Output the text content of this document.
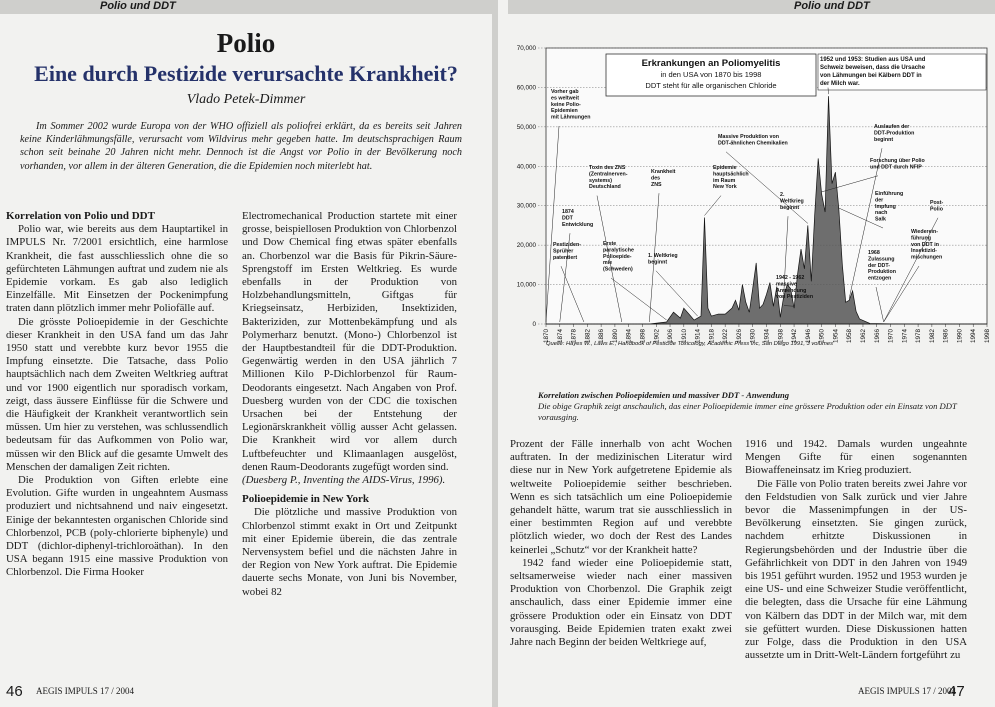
Polio und DDT
Polio
Eine durch Pestizide verursachte Krankheit?
Vlado Petek-Dimmer
Im Sommer 2002 wurde Europa von der WHO offiziell als poliofrei erklärt, da es bereits seit Jahren keine Kinderlähmungsfälle, verursacht vom Wildvirus mehr gegeben hatte. Im deutschsprachigen Raum schon seit beinahe 20 Jahren nicht mehr. Dennoch ist die Angst vor Polio in der Bevölkerung noch vorhanden, vor allem in der älteren Generation, die die Epidemien noch miterlebt hat.
Korrelation von Polio und DDT

Polio war, wie bereits aus dem Hauptartikel in IMPULS Nr. 7/2001 ersichtlich, eine harmlose Krankheit, die fast ausschliesslich ohne die so gefürchteten Lähmungen auftrat und zudem nie als Epidemie vorkam. Es gab also lediglich Einzelfälle. Mit Einsetzen der Pockenimpfung traten dann plötzlich immer mehr Poliofälle auf.

Die grösste Polioepidemie in der Geschichte dieser Krankheit in den USA fand um das Jahr 1950 statt und verebbte kurz bevor 1955 die Impfung einsetzte. Die Tatsache, dass Polio hauptsächlich nach dem Zweiten Weltkrieg auftrat und vor 1900 eigentlich nur sporadisch vorkam, zeigt, dass äussere Einflüsse für die Schwere und die Häufigkeit der Krankheit verantwortlich sein müssen. Um hier zu verstehen, was schlussendlich bedeutsam für das Aufkommen von Polio war, müssen wir den Blick auf die gesamte Umwelt des Menschen der damaligen Zeit richten.

Die Produktion von Giften erlebte eine Evolution. Gifte wurden in ungeahntem Ausmass produziert und nichtsahnend und naiv eingesetzt. Einige der bekanntesten organischen Chloride sind Chlorbenzol, PCB (poly-chlorierte biphenyle) und DDT (dichlor-diphenyl-trichloroäthan). In den USA begann 1915 eine massive Produktion von Chlorbenzol. Die Firma Hooker

Electromechanical Production startete mit einer grosse, beispiellosen Produktion von Chlorbenzol und Dow Chemical fing etwas später ebenfalls an. Chorbenzol war die Basis für Pikrin-Säure-Sprengstoff im Ersten Weltkrieg. Es wurde ebenfalls in der Produktion von Holzbehandlungsmitteln, Giftgas für Kriegseinsatz, Herbiziden, Insektiziden, Bakteriziden, zur Mottenbekämpfung und als Polymerharz benutzt. (Mono-) Chlorbenzol ist der Hauptbestandteil für die DDT-Produktion. Gegenwärtig werden in den USA jährlich 7 Millionen Kilo P-Dichlorbenzol für Raum-Deodorants eingesetzt. Nach Angaben von Prof. Duesberg wurden von der CDC die toxischen Ursachen bei der Entstehung der Legionärskrankheit völlig ausser Acht gelassen. Die Krankheit wird vor allem durch Luftbefeuchter und Klimaanlagen ausgelöst, denen Raum-Deodorants zugefügt worden sind.

(Duesberg P., Inventing the AIDS-Virus, 1996).

Polioepidemie in New York

Die plötzliche und massive Produktion von Chlorbenzol stimmt exakt in Ort und Zeitpunkt mit einer Epidemie überein, die das zentrale Nervensystem befiel und die nächsten Jahre in der Region von New York auftrat. Die Epidemie dauerte sechs Monate, von Juni bis November, wobei 82

46 AEGIS IMPULS 17 / 2004
Polio und DDT
0
10,000
20,000
30,000
40,000
50,000
60,000
70,000
1870 1874 1878 1882 1886 1890 1894 1898 1902 1906 1910 1914 1918 1922 1926 1930 1934 1938 1942 1946 1950 1954 1958 1962 1966 1970 1974 1978 1982 1986 1990 1994 1998
Erkrankungen an Poliomyelitis
in den USA von 1870 bis 1998
DDT steht für alle organischen Chloride
Vorher gab
es weltweit
keine Polio-
Epidemien
mit Lähmungen
1952 und 1953: Studien aus USA und
Schweiz beweisen, dass die Ursache
von Lähmungen bei Kälbern DDT in
der Milch war.
Massive Produktion von
DDT-ähnlichen Chemikalien
Auslaufen der
DDT-Produktion
beginnt
Forschung über Polio
und DDT durch NFIP
Toxin des ZNS
(Zentralnerven-
systems)
Deutschland
Krankheit
des
ZNS
Epidemie
hauptsächlich
im Raum
New York
Einführung
der
Impfung
nach
Salk
Post-
Polio
1874
DDT
Entwicklung
2.
Weltkrieg
beginnt
Wiederein-
führung
von DDT in
Insektizid-
mischungen
Pestiziden-
Sprüher
patentiert
Erste
paralytische
Polioepide-
mie
(Schweden)
1. Weltkrieg
beginnt
1968
Zulassung
der DDT-
Produktion
entzogen
1942 - 1962
massive
Anwendung
von Pestiziden
Quelle: Hayes W., Laws E., Handbook of Pesticide Toxicology, Academic Press Inc, San Diego 1991, 3 volumes
Korrelation zwischen Polioepidemien und massiver DDT - Anwendung
Die obige Graphik zeigt anschaulich, das einer Polioepidemie immer eine grössere Produktion oder ein Einsatz von DDT vorausging.

Prozent der Fälle innerhalb von acht Wochen auftraten. In der medizinischen Literatur wird diese nur in New York aufgetretene Epidemie als weltweite Polioepidemie seither beschrieben. Wenn es sich tatsächlich um eine Polioepidemie gehandelt hätte, warum trat sie ausschliesslich in einer bestimmten Region auf und verebbte plötzlich wieder, wo doch der Rest des Landes keinerlei „Schutz“ vor der Krankheit hatte?

1942 fand wieder eine Polioepidemie statt, seltsamerweise wieder nach einer massiven Produktion von Chorbenzol. Die Graphik zeigt anschaulich, dass einer Epidemie immer eine grössere Produktion oder ein Einsatz von DDT vorausging. Beide Epidemien traten exakt zwei Jahre nach Beginn der beiden Weltkriege auf,

1916 und 1942. Damals wurden ungeahnte Mengen Gifte für einen sogenannten Biowaffeneinsatz im Krieg produziert.

Die Fälle von Polio traten bereits zwei Jahre vor den Feldstudien von Salk zurück und vier Jahre bevor die Massenimpfungen in der US-Bevölkerung einsetzten. Sie gingen zurück, nachdem erhitzte Diskussionen in Regierungsbehörden und der Industrie über die Gefährlichkeit von DDT in den Jahren von 1949 bis 1951 geführt wurden. 1952 und 1953 wurden je eine US- und eine Schweizer Studie veröffentlicht, die belegten, dass die Ursache für eine Lähmung von Kälbern das DDT in der Milch war, mit dem sie gefüttert wurden. Diese Diskussionen hatten zur Folge, dass die Produktion in den USA aussetzte um in Dritt-Welt-Ländern fortgeführt zu

AEGIS IMPULS 17 / 2004
47
